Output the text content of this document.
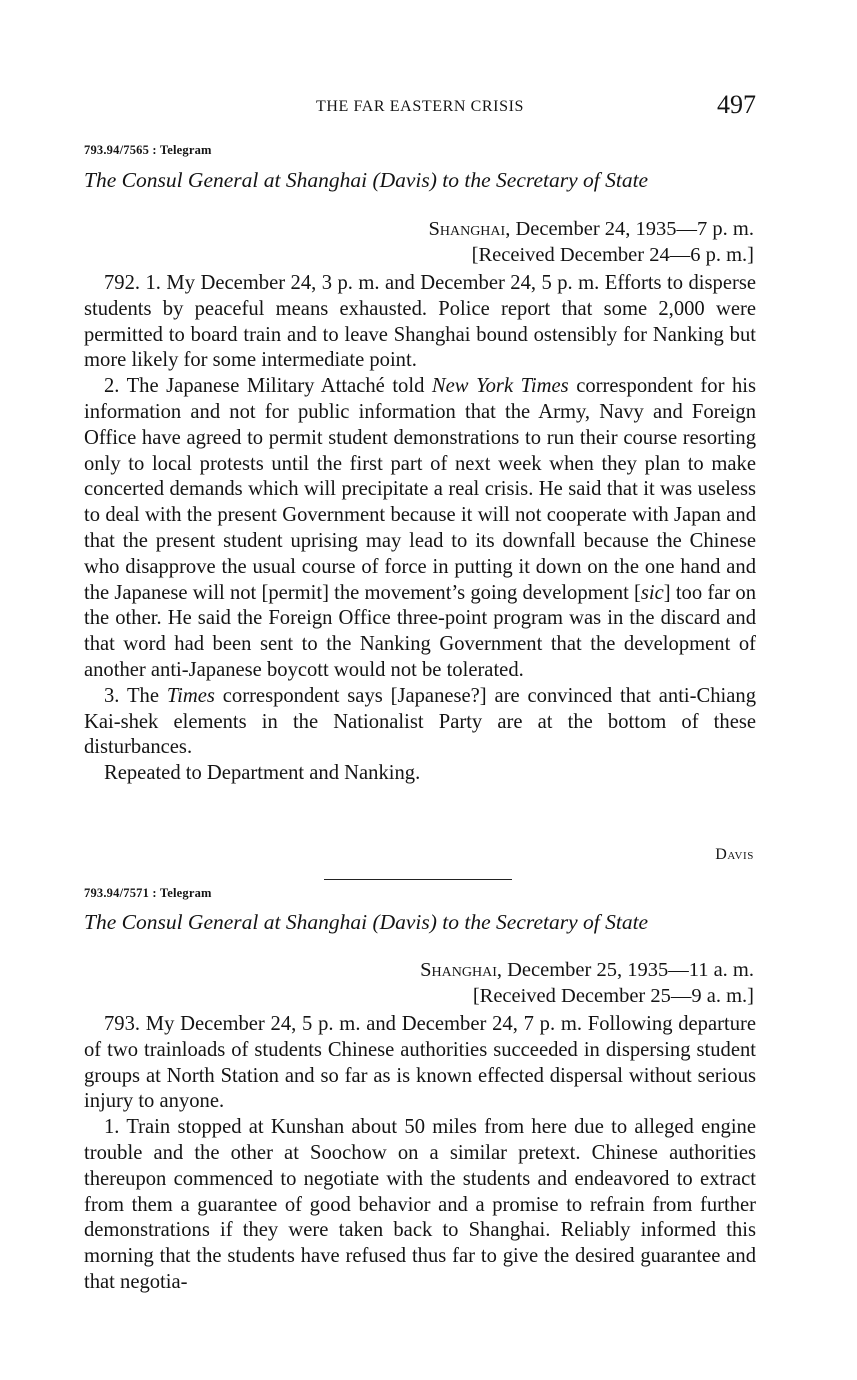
THE FAR EASTERN CRISIS	497
793.94/7565 : Telegram
The Consul General at Shanghai (Davis) to the Secretary of State
Shanghai, December 24, 1935—7 p. m.
[Received December 24—6 p. m.]

792. 1. My December 24, 3 p. m. and December 24, 5 p. m. Efforts to disperse students by peaceful means exhausted. Police report that some 2,000 were permitted to board train and to leave Shanghai bound ostensibly for Nanking but more likely for some intermediate point.

2. The Japanese Military Attaché told New York Times correspondent for his information and not for public information that the Army, Navy and Foreign Office have agreed to permit student demonstrations to run their course resorting only to local protests until the first part of next week when they plan to make concerted demands which will precipitate a real crisis. He said that it was useless to deal with the present Government because it will not cooperate with Japan and that the present student uprising may lead to its downfall because the Chinese who disapprove the usual course of force in putting it down on the one hand and the Japanese will not [permit] the movement’s going development [sic] too far on the other. He said the Foreign Office three-point program was in the discard and that word had been sent to the Nanking Government that the development of another anti-Japanese boycott would not be tolerated.

3. The Times correspondent says [Japanese?] are convinced that anti-Chiang Kai-shek elements in the Nationalist Party are at the bottom of these disturbances.

Repeated to Department and Nanking.

Davis
793.94/7571 : Telegram
The Consul General at Shanghai (Davis) to the Secretary of State
Shanghai, December 25, 1935—11 a. m.
[Received December 25—9 a. m.]

793. My December 24, 5 p. m. and December 24, 7 p. m. Following departure of two trainloads of students Chinese authorities succeeded in dispersing student groups at North Station and so far as is known effected dispersal without serious injury to anyone.

1. Train stopped at Kunshan about 50 miles from here due to alleged engine trouble and the other at Soochow on a similar pretext. Chinese authorities thereupon commenced to negotiate with the students and endeavored to extract from them a guarantee of good behavior and a promise to refrain from further demonstrations if they were taken back to Shanghai. Reliably informed this morning that the students have refused thus far to give the desired guarantee and that negotia-
